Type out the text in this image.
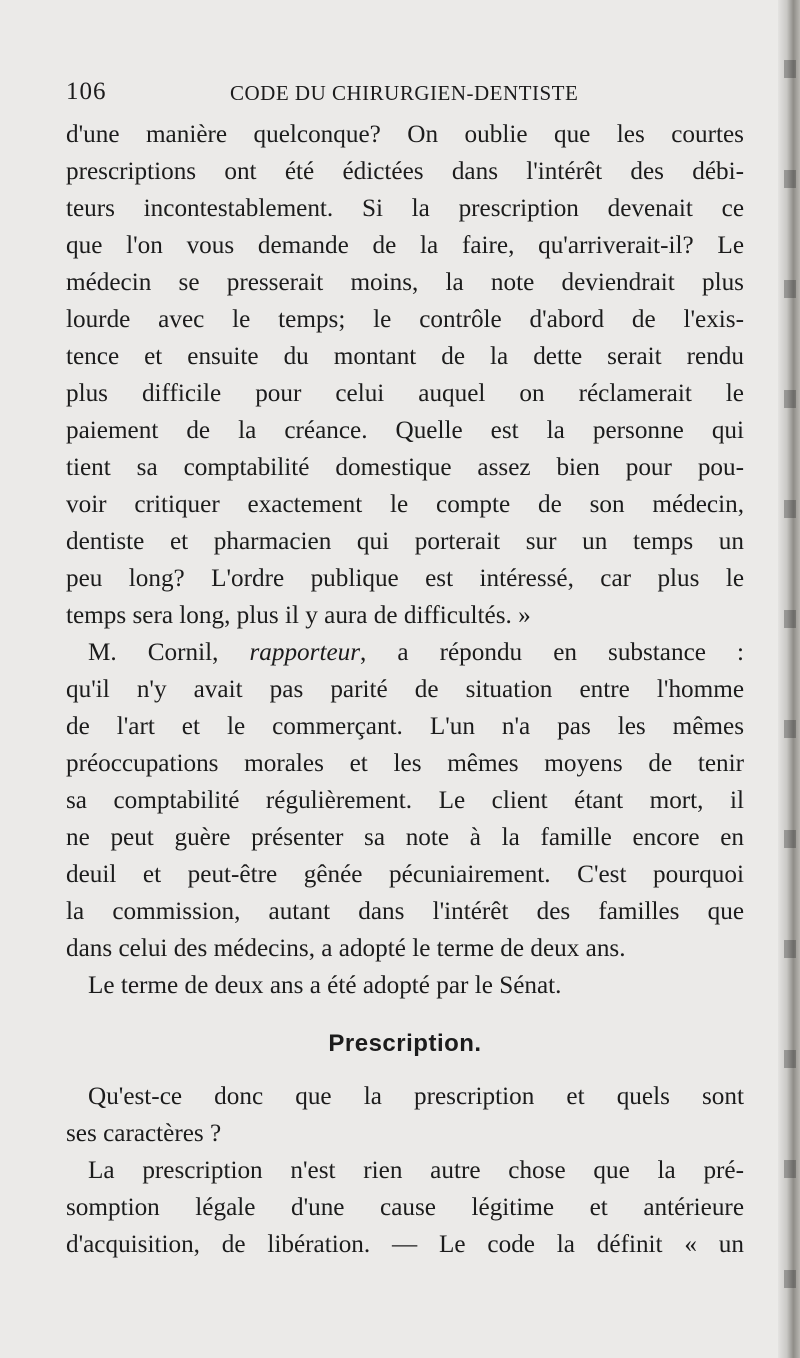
106	CODE DU CHIRURGIEN-DENTISTE
d'une manière quelconque? On oublie que les courtes
prescriptions ont été édictées dans l'intérêt des débi-
teurs incontestablement. Si la prescription devenait ce
que l'on vous demande de la faire, qu'arriverait-il? Le
médecin se presserait moins, la note deviendrait plus
lourde avec le temps; le contrôle d'abord de l'exis-
tence et ensuite du montant de la dette serait rendu
plus difficile pour celui auquel on réclamerait le
paiement de la créance. Quelle est la personne qui
tient sa comptabilité domestique assez bien pour pou-
voir critiquer exactement le compte de son médecin,
dentiste et pharmacien qui porterait sur un temps un
peu long? L'ordre publique est intéressé, car plus le
temps sera long, plus il y aura de difficultés. »
M. Cornil, rapporteur, a répondu en substance :
qu'il n'y avait pas parité de situation entre l'homme
de l'art et le commerçant. L'un n'a pas les mêmes
préoccupations morales et les mêmes moyens de tenir
sa comptabilité régulièrement. Le client étant mort, il
ne peut guère présenter sa note à la famille encore en
deuil et peut-être gênée pécuniairement. C'est pourquoi
la commission, autant dans l'intérêt des familles que
dans celui des médecins, a adopté le terme de deux ans.
Le terme de deux ans a été adopté par le Sénat.
Prescription.
Qu'est-ce donc que la prescription et quels sont
ses caractères ?
La prescription n'est rien autre chose que la pré-
somption légale d'une cause légitime et antérieure
d'acquisition, de libération. — Le code la définit « un
